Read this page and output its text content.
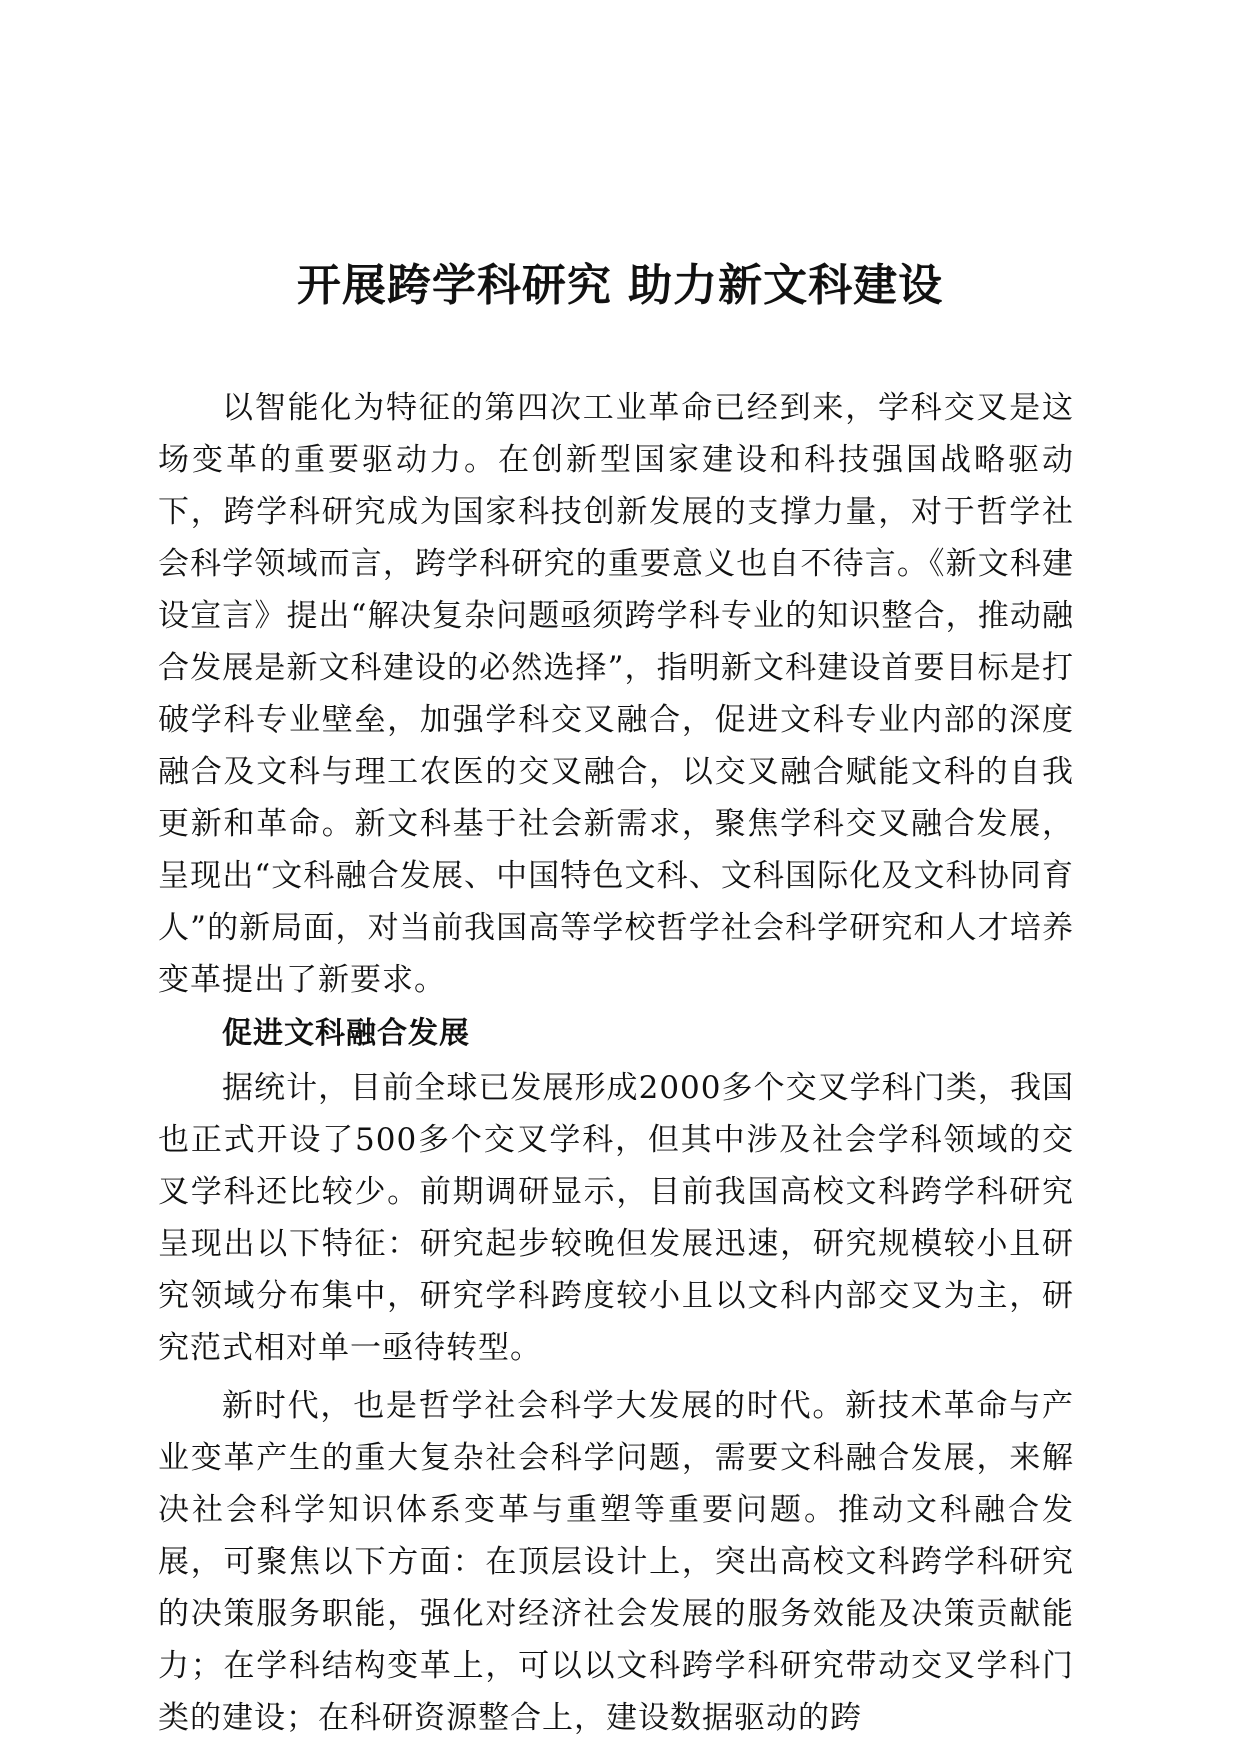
开展跨学科研究 助力新文科建设

以智能化为特征的第四次工业革命已经到来，学科交叉是这场变革的重要驱动力。在创新型国家建设和科技强国战略驱动下，跨学科研究成为国家科技创新发展的支撑力量，对于哲学社会科学领域而言，跨学科研究的重要意义也自不待言。《新文科建设宣言》提出“解决复杂问题亟须跨学科专业的知识整合，推动融合发展是新文科建设的必然选择”，指明新文科建设首要目标是打破学科专业壁垒，加强学科交叉融合，促进文科专业内部的深度融合及文科与理工农医的交叉融合，以交叉融合赋能文科的自我更新和革命。新文科基于社会新需求，聚焦学科交叉融合发展，呈现出“文科融合发展、中国特色文科、文科国际化及文科协同育人”的新局面，对当前我国高等学校哲学社会科学研究和人才培养变革提出了新要求。

促进文科融合发展

据统计，目前全球已发展形成2000多个交叉学科门类，我国也正式开设了500多个交叉学科，但其中涉及社会学科领域的交叉学科还比较少。前期调研显示，目前我国高校文科跨学科研究呈现出以下特征：研究起步较晚但发展迅速，研究规模较小且研究领域分布集中，研究学科跨度较小且以文科内部交叉为主，研究范式相对单一亟待转型。

新时代，也是哲学社会科学大发展的时代。新技术革命与产业变革产生的重大复杂社会科学问题，需要文科融合发展，来解决社会科学知识体系变革与重塑等重要问题。推动文科融合发展，可聚焦以下方面：在顶层设计上，突出高校文科跨学科研究的决策服务职能，强化对经济社会发展的服务效能及决策贡献能力；在学科结构变革上，可以以文科跨学科研究带动交叉学科门类的建设；在科研资源整合上，建设数据驱动的跨
